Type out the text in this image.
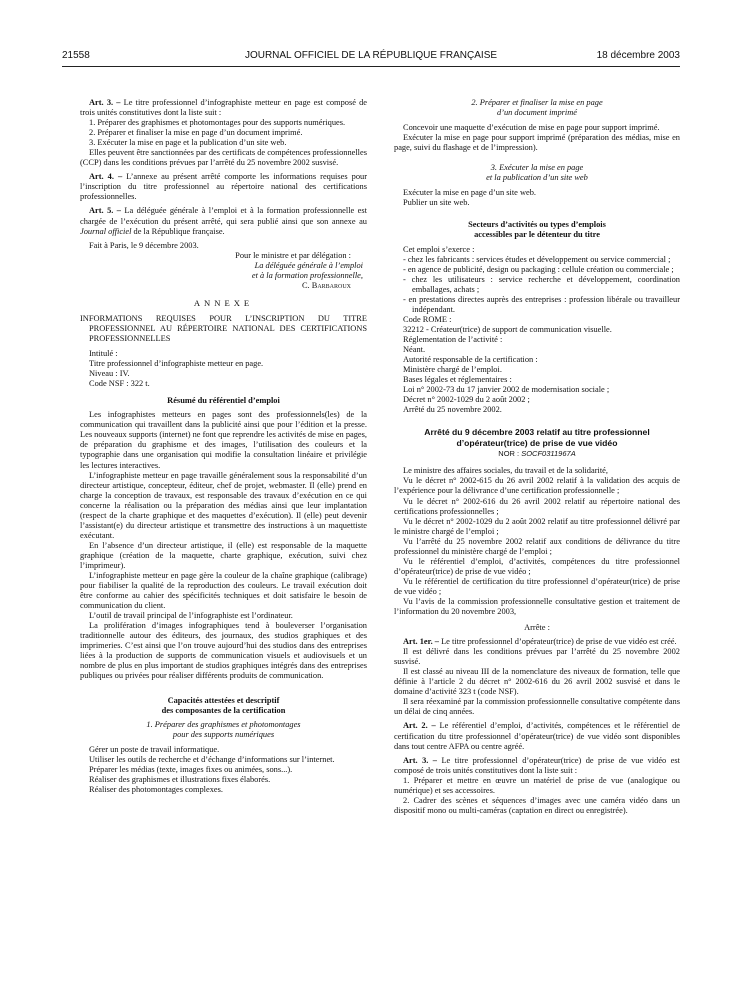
21558	JOURNAL OFFICIEL DE LA RÉPUBLIQUE FRANÇAISE	18 décembre 2003

Art. 3. – Le titre professionnel d’infographiste metteur en page est composé de trois unités constitutives dont la liste suit :

1. Préparer des graphismes et photomontages pour des supports numériques.

2. Préparer et finaliser la mise en page d’un document imprimé.

3. Exécuter la mise en page et la publication d’un site web.

Elles peuvent être sanctionnées par des certificats de compétences professionnelles (CCP) dans les conditions prévues par l’arrêté du 25 novembre 2002 susvisé.

Art. 4. – L’annexe au présent arrêté comporte les informations requises pour l’inscription du titre professionnel au répertoire national des certifications professionnelles.

Art. 5. – La déléguée générale à l’emploi et à la formation professionnelle est chargée de l’exécution du présent arrêté, qui sera publié ainsi que son annexe au Journal officiel de la République française.

Fait à Paris, le 9 décembre 2003.

Pour le ministre et par délégation :

La déléguée générale à l’emploi

et à la formation professionnelle,

C. Barbaroux

ANNEXE

INFORMATIONS REQUISES POUR L’INSCRIPTION DU TITRE PROFESSIONNEL AU RÉPERTOIRE NATIONAL DES CERTIFICATIONS PROFESSIONNELLES

Intitulé :

Titre professionnel d’infographiste metteur en page.

Niveau : IV.

Code NSF : 322 t.

Résumé du référentiel d’emploi

Les infographistes metteurs en pages sont des professionnels(les) de la communication qui travaillent dans la publicité ainsi que pour l’édition et la presse. Les nouveaux supports (internet) ne font que reprendre les activités de mise en pages, de préparation du graphisme et des images, l’utilisation des couleurs et la typographie dans une organisation qui modifie la consultation linéaire et privilégie les lectures interactives.

L’infographiste metteur en page travaille généralement sous la responsabilité d’un directeur artistique, concepteur, éditeur, chef de projet, webmaster. Il (elle) prend en charge la conception de travaux, est responsable des travaux d’exécution en ce qui concerne la réalisation ou la préparation des médias ainsi que leur implantation (respect de la charte graphique et des maquettes d’exécution). Il (elle) peut devenir l’assistant(e) du directeur artistique et transmettre des instructions à un maquettiste exécutant.

En l’absence d’un directeur artistique, il (elle) est responsable de la maquette graphique (création de la maquette, charte graphique, exécution, suivi chez l’imprimeur).

L’infographiste metteur en page gère la couleur de la chaîne graphique (calibrage) pour fiabiliser la qualité de la reproduction des couleurs. Le travail exécution doit être conforme au cahier des spécificités techniques et doit satisfaire le besoin de communication du client.

L’outil de travail principal de l’infographiste est l’ordinateur.

La prolifération d’images infographiques tend à bouleverser l’organisation traditionnelle autour des éditeurs, des journaux, des studios graphiques et des imprimeries. C’est ainsi que l’on trouve aujourd’hui des studios dans des entreprises liées à la production de supports de communication visuels et audiovisuels et un nombre de plus en plus important de studios graphiques intégrés dans des entreprises publiques ou privées pour réaliser différents produits de communication.

Capacités attestées et descriptif

des composantes de la certification

1. Préparer des graphismes et photomontages

pour des supports numériques

Gérer un poste de travail informatique.

Utiliser les outils de recherche et d’échange d’informations sur l’internet.

Préparer les médias (texte, images fixes ou animées, sons...).

Réaliser des graphismes et illustrations fixes élaborés.

Réaliser des photomontages complexes.

2. Préparer et finaliser la mise en page

d’un document imprimé

Concevoir une maquette d’exécution de mise en page pour support imprimé.

Exécuter la mise en page pour support imprimé (préparation des médias, mise en page, suivi du flashage et de l’impression).

3. Exécuter la mise en page

et la publication d’un site web

Exécuter la mise en page d’un site web.

Publier un site web.

Secteurs d’activités ou types d’emplois

accessibles par le détenteur du titre

Cet emploi s’exerce :

- chez les fabricants : services études et développement ou service commercial ;

- en agence de publicité, design ou packaging : cellule création ou commerciale ;

- chez les utilisateurs : service recherche et développement, coordination emballages, achats ;

- en prestations directes auprès des entreprises : profession libérale ou travailleur indépendant.

Code ROME :

32212 - Créateur(trice) de support de communication visuelle.

Réglementation de l’activité :

Néant.

Autorité responsable de la certification :

Ministère chargé de l’emploi.

Bases légales et réglementaires :

Loi n° 2002-73 du 17 janvier 2002 de modernisation sociale ;

Décret n° 2002-1029 du 2 août 2002 ;

Arrêté du 25 novembre 2002.

Arrêté du 9 décembre 2003 relatif au titre professionnel d’opérateur(trice) de prise de vue vidéo

NOR : SOCF0311967A

Le ministre des affaires sociales, du travail et de la solidarité,

Vu le décret n° 2002-615 du 26 avril 2002 relatif à la validation des acquis de l’expérience pour la délivrance d’une certification professionnelle ;

Vu le décret n° 2002-616 du 26 avril 2002 relatif au répertoire national des certifications professionnelles ;

Vu le décret n° 2002-1029 du 2 août 2002 relatif au titre professionnel délivré par le ministre chargé de l’emploi ;

Vu l’arrêté du 25 novembre 2002 relatif aux conditions de délivrance du titre professionnel du ministère chargé de l’emploi ;

Vu le référentiel d’emploi, d’activités, compétences du titre professionnel d’opérateur(trice) de prise de vue vidéo ;

Vu le référentiel de certification du titre professionnel d’opérateur(trice) de prise de vue vidéo ;

Vu l’avis de la commission professionnelle consultative gestion et traitement de l’information du 20 novembre 2003,

Arrête :

Art. 1er. – Le titre professionnel d’opérateur(trice) de prise de vue vidéo est créé.

Il est délivré dans les conditions prévues par l’arrêté du 25 novembre 2002 susvisé.

Il est classé au niveau III de la nomenclature des niveaux de formation, telle que définie à l’article 2 du décret n° 2002-616 du 26 avril 2002 susvisé et dans le domaine d’activité 323 t (code NSF).

Il sera réexaminé par la commission professionnelle consultative compétente dans un délai de cinq années.

Art. 2. – Le référentiel d’emploi, d’activités, compétences et le référentiel de certification du titre professionnel d’opérateur(trice) de vue vidéo sont disponibles dans tout centre AFPA ou centre agréé.

Art. 3. – Le titre professionnel d’opérateur(trice) de prise de vue vidéo est composé de trois unités constitutives dont la liste suit :

1. Préparer et mettre en œuvre un matériel de prise de vue (analogique ou numérique) et ses accessoires.

2. Cadrer des scènes et séquences d’images avec une caméra vidéo dans un dispositif mono ou multi-caméras (captation en direct ou enregistrée).
